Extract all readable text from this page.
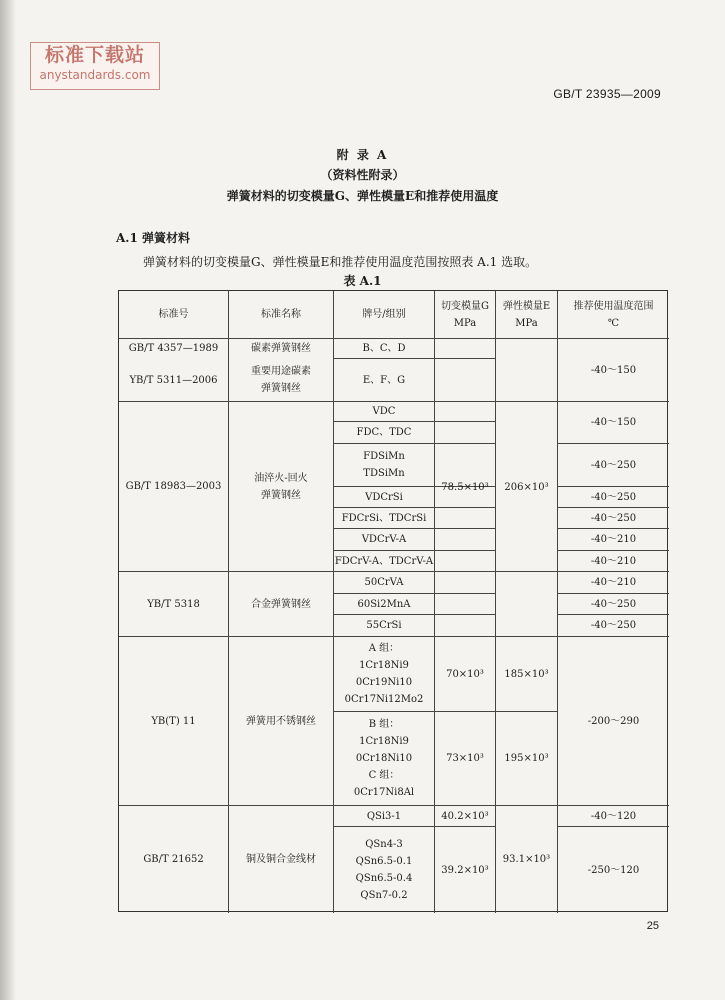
标准下载站
anystandards.com
GB/T 23935—2009
附 录 A
（资料性附录）
弹簧材料的切变模量G、弹性模量E和推荐使用温度
A.1 弹簧材料
弹簧材料的切变模量G、弹性模量E和推荐使用温度范围按照表 A.1 选取。
表 A.1
标准号	标准名称	牌号/组别
切变模量G
MPa
弹性模量E
MPa
推荐使用温度范围
℃
GB/T 4357—1989
YB/T 5311—2006
GB/T 18983—2003
YB/T 5318
YB(T) 11
GB/T 21652
碳素弹簧钢丝
重要用途碳素
弹簧钢丝
油淬火-回火
弹簧钢丝
合金弹簧钢丝
弹簧用不锈钢丝
铜及铜合金线材
B、C、D
E、F、G
VDC
FDC、TDC
FDSiMn
TDSiMn
VDCrSi
FDCrSi、TDCrSi
VDCrV-A
FDCrV-A、TDCrV-A
50CrVA
60Si2MnA
55CrSi
A 组：
1Cr18Ni9
0Cr19Ni10
0Cr17Ni12Mo2
B 组：
1Cr18Ni9
0Cr18Ni10
C 组：
0Cr17Ni8Al
QSi3-1
QSn4-3
QSn6.5-0.1
QSn6.5-0.4
QSn7-0.2
78.5×10³
70×10³
73×10³
40.2×10³
39.2×10³
206×10³
185×10³
195×10³
93.1×10³
-40～150
-40～150
-40～250
-40～250
-40～250
-40～210
-40～210
-40～210
-40～250
-40～250
-200～290
-40～120
-250～120
25
